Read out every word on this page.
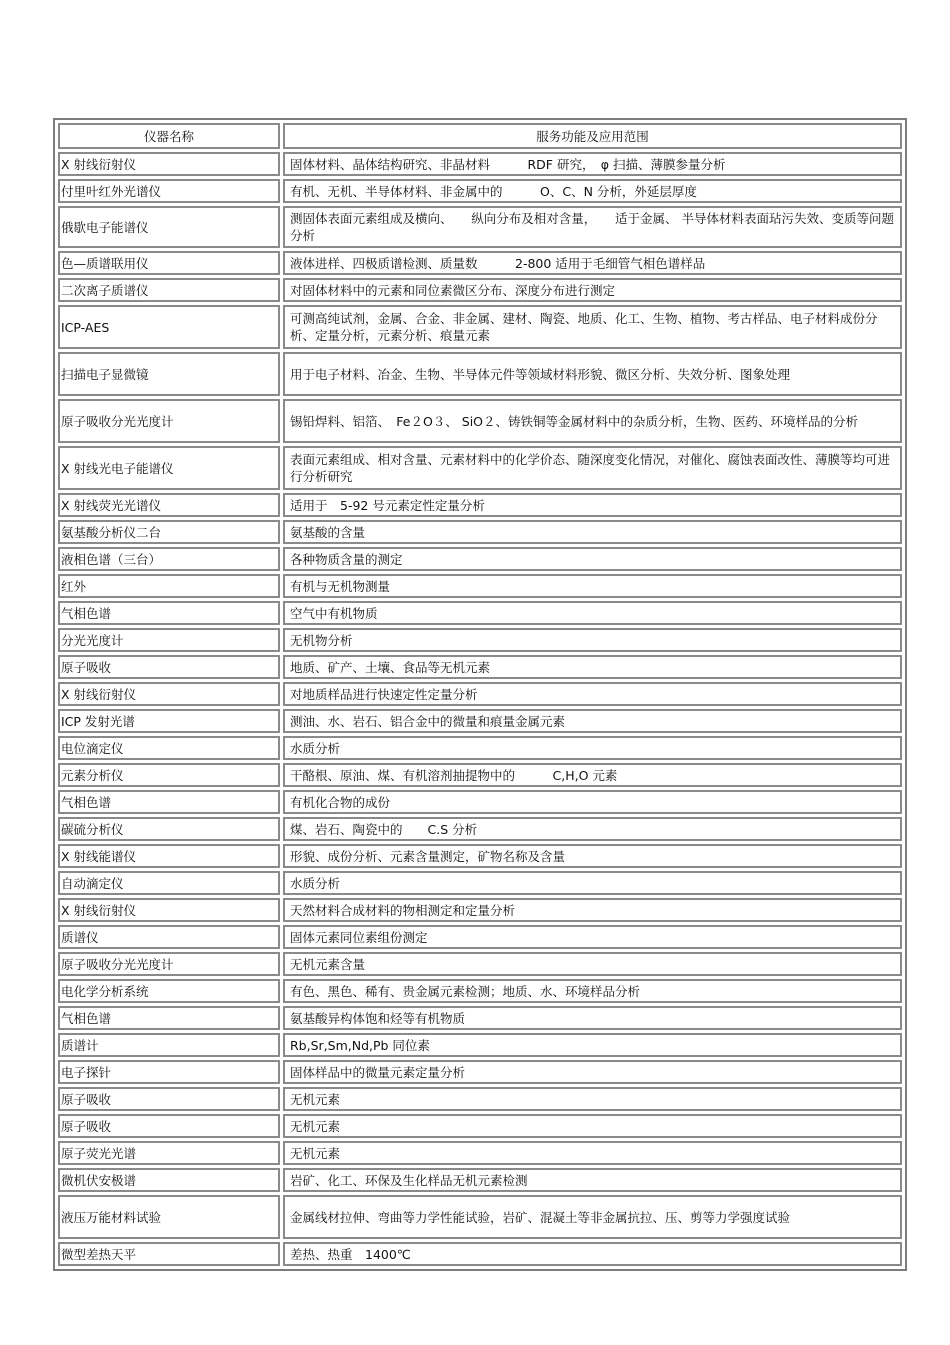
仪器名称	服务功能及应用范围
X 射线衍射仪	固体材料、晶体结构研究、非晶材料　　　RDF 研究，　φ 扫描、薄膜参量分析
付里叶红外光谱仪	有机、无机、半导体材料、非金属中的　　　O、C、N 分析，外延层厚度
俄歇电子能谱仪	测固体表面元素组成及横向、　　纵向分布及相对含量，　　适于金属、 半导体材料表面玷污失效、变质等问题分析
色—质谱联用仪	液体进样、四极质谱检测、质量数　　　2-800 适用于毛细管气相色谱样品
二次离子质谱仪	对固体材料中的元素和同位素微区分布、深度分布进行测定
ICP-AES	可测高纯试剂，金属、合金、非金属、建材、陶瓷、地质、化工、生物、植物、考古样品、电子材料成份分析、定量分析，元素分析、痕量元素
扫描电子显微镜	用于电子材料、冶金、生物、半导体元件等领域材料形貌、微区分析、失效分析、图象处理
原子吸收分光光度计	锡铅焊料、铝箔、　Fe２O３、 SiO２、铸铁铜等金属材料中的杂质分析，生物、医药、环境样品的分析
X 射线光电子能谱仪	表面元素组成、相对含量、元素材料中的化学价态、随深度变化情况，对催化、腐蚀表面改性、薄膜等均可进行分析研究
X 射线荧光光谱仪	适用于　5-92 号元素定性定量分析
氨基酸分析仪二台	氨基酸的含量
液相色谱（三台）	各种物质含量的测定
红外	有机与无机物测量
气相色谱	空气中有机物质
分光光度计	无机物分析
原子吸收	地质、矿产、土壤、食品等无机元素
X 射线衍射仪	对地质样品进行快速定性定量分析
ICP 发射光谱	测油、水、岩石、铝合金中的微量和痕量金属元素
电位滴定仪	水质分析
元素分析仪	干酪根、原油、煤、有机溶剂抽提物中的　　　C,H,O 元素
气相色谱	有机化合物的成份
碳硫分析仪	煤、岩石、陶瓷中的　　C.S 分析
X 射线能谱仪	形貌、成份分析、元素含量测定，矿物名称及含量
自动滴定仪	水质分析
X 射线衍射仪	天然材料合成材料的物相测定和定量分析
质谱仪	固体元素同位素组份测定
原子吸收分光光度计	无机元素含量
电化学分析系统	有色、黑色、稀有、贵金属元素检测；地质、水、环境样品分析
气相色谱	氨基酸异构体饱和烃等有机物质
质谱计	Rb,Sr,Sm,Nd,Pb 同位素
电子探针	固体样品中的微量元素定量分析
原子吸收	无机元素
原子吸收	无机元素
原子荧光光谱	无机元素
微机伏安极谱	岩矿、化工、环保及生化样品无机元素检测
液压万能材料试验	金属线材拉伸、弯曲等力学性能试验，岩矿、混凝土等非金属抗拉、压、剪等力学强度试验
微型差热天平	差热、热重　1400℃
